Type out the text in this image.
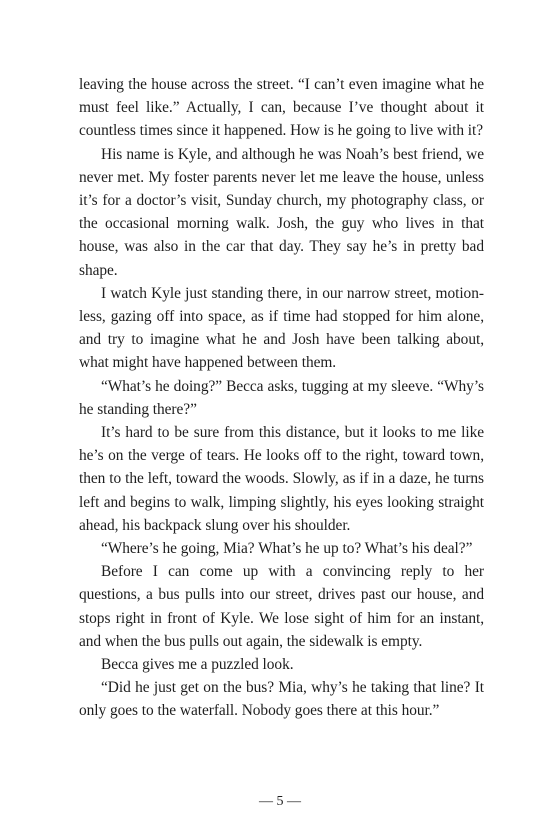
leaving the house across the street. “I can’t even imagine what he must feel like.” Actually, I can, because I’ve thought about it countless times since it happened. How is he going to live with it?

His name is Kyle, and although he was Noah’s best friend, we never met. My foster parents never let me leave the house, unless it’s for a doctor’s visit, Sunday church, my photography class, or the occasional morning walk. Josh, the guy who lives in that house, was also in the car that day. They say he’s in pretty bad shape.

I watch Kyle just standing there, in our narrow street, motionless, gazing off into space, as if time had stopped for him alone, and try to imagine what he and Josh have been talking about, what might have happened between them.

“What’s he doing?” Becca asks, tugging at my sleeve. “Why’s he standing there?”

It’s hard to be sure from this distance, but it looks to me like he’s on the verge of tears. He looks off to the right, toward town, then to the left, toward the woods. Slowly, as if in a daze, he turns left and begins to walk, limping slightly, his eyes looking straight ahead, his backpack slung over his shoulder.

“Where’s he going, Mia? What’s he up to? What’s his deal?”

Before I can come up with a convincing reply to her questions, a bus pulls into our street, drives past our house, and stops right in front of Kyle. We lose sight of him for an instant, and when the bus pulls out again, the sidewalk is empty.

Becca gives me a puzzled look.

“Did he just get on the bus? Mia, why’s he taking that line? It only goes to the waterfall. Nobody goes there at this hour.”

— 5 —
